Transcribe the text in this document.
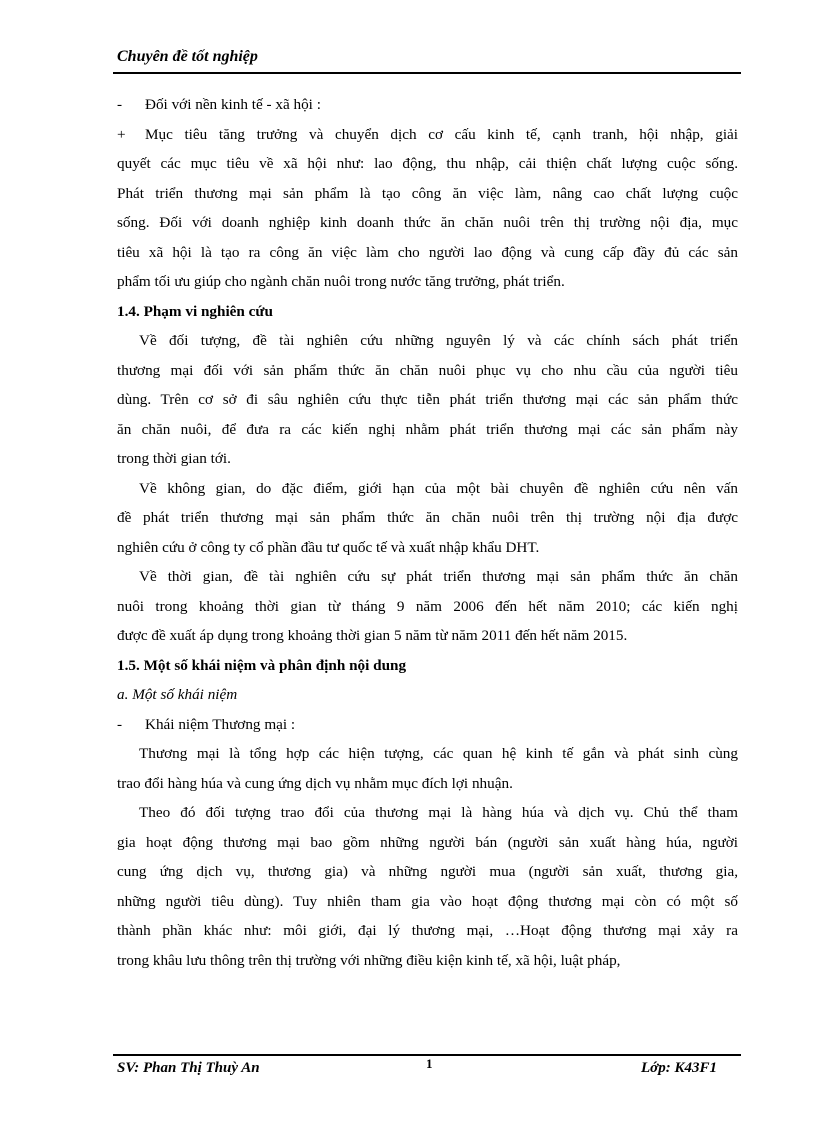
Chuyên đề tốt nghiệp

- Đối với nền kinh tế - xã hội :

+ Mục tiêu tăng trưởng và chuyển dịch cơ cấu kinh tế, cạnh tranh, hội nhập, giải
quyết các mục tiêu về xã hội như: lao động, thu nhập, cải thiện chất lượng cuộc sống.
Phát triển thương mại sản phẩm là tạo công ăn việc làm, nâng cao chất lượng cuộc
sống. Đối với doanh nghiệp kinh doanh thức ăn chăn nuôi trên thị trường nội địa, mục
tiêu xã hội là tạo ra công ăn việc làm cho người lao động và cung cấp đầy đủ các sản
phẩm tối ưu giúp cho ngành chăn nuôi trong nước tăng trưởng, phát triển.

1.4. Phạm vi nghiên cứu

Về đối tượng, đề tài nghiên cứu những nguyên lý và các chính sách phát triển
thương mại đối với sản phẩm thức ăn chăn nuôi phục vụ cho nhu cầu của người tiêu
dùng. Trên cơ sở đi sâu nghiên cứu thực tiễn phát triển thương mại các sản phẩm thức
ăn chăn nuôi, để đưa ra các kiến nghị nhằm phát triển thương mại các sản phẩm này
trong thời gian tới.

Về không gian, do đặc điểm, giới hạn của một bài chuyên đề nghiên cứu nên vấn
đề phát triển thương mại sản phẩm thức ăn chăn nuôi trên thị trường nội địa được
nghiên cứu ở công ty cổ phần đầu tư quốc tế và xuất nhập khẩu DHT.

Về thời gian, đề tài nghiên cứu sự phát triển thương mại sản phẩm thức ăn chăn
nuôi trong khoảng thời gian từ tháng 9 năm 2006 đến hết năm 2010; các kiến nghị
được đề xuất áp dụng trong khoảng thời gian 5 năm từ năm 2011 đến hết năm 2015.

1.5. Một số khái niệm và phân định nội dung

a. Một số khái niệm

- Khái niệm Thương mại :

Thương mại là tổng hợp các hiện tượng, các quan hệ kinh tế gắn và phát sinh cùng
trao đổi hàng húa và cung ứng dịch vụ nhằm mục đích lợi nhuận.

Theo đó đối tượng trao đổi của thương mại là hàng húa và dịch vụ. Chủ thể tham
gia hoạt động thương mại bao gồm những người bán (người sản xuất hàng húa, người
cung ứng dịch vụ, thương gia) và những người mua (người sản xuất, thương gia,
những người tiêu dùng). Tuy nhiên tham gia vào hoạt động thương mại còn có một số
thành phần khác như: môi giới, đại lý thương mại, …Hoạt động thương mại xảy ra
trong khâu lưu thông trên thị trường với những điều kiện kinh tế, xã hội, luật pháp,

SV: Phan Thị Thuỳ An	1	Lớp: K43F1
